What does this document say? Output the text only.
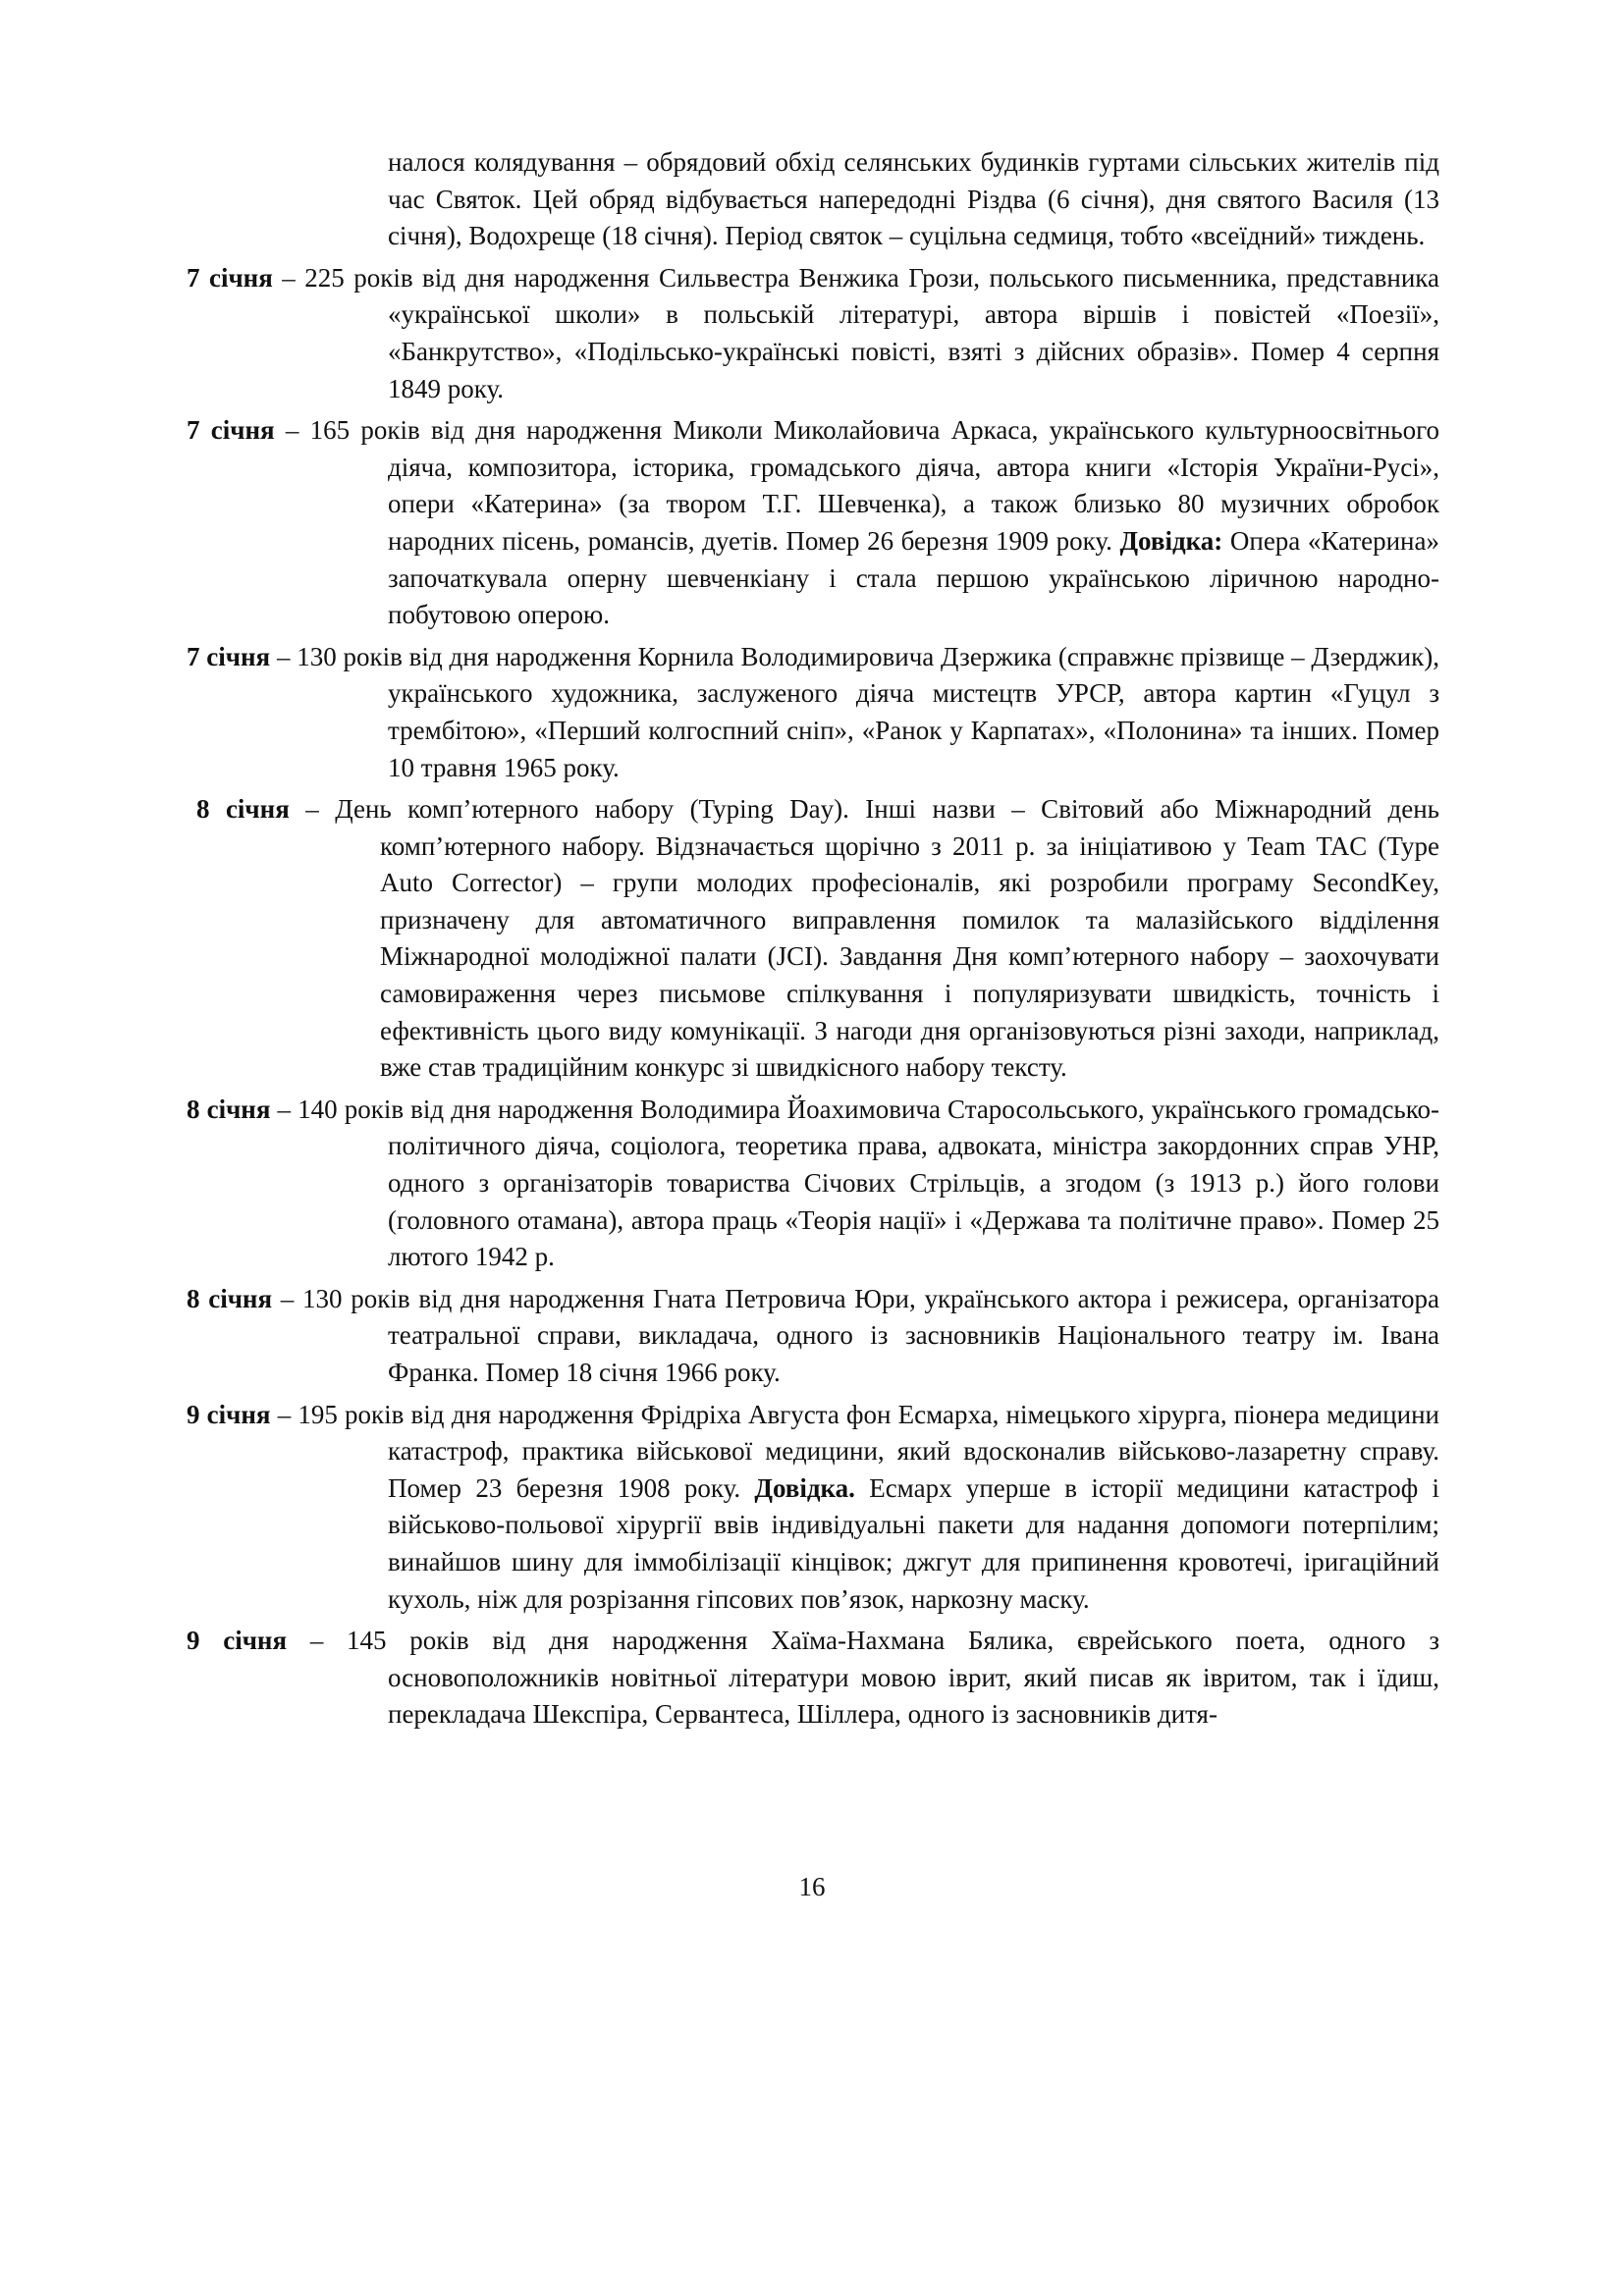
налося колядування – обрядовий обхід селянських будинків гуртами сільських жителів під час Святок. Цей обряд відбувається напередодні Різдва (6 січня), дня святого Василя (13 січня), Водохреще (18 січня). Період святок – суцільна седмиця, тобто «всеїдний» тиждень.

7 січня – 225 років від дня народження Сильвестра Венжика Грози, польського письменника, представника «української школи» в польській літературі, автора віршів і повістей «Поезії», «Банкрутство», «Подільсько-українські повісті, взяті з дійсних образів». Помер 4 серпня 1849 року.

7 січня – 165 років від дня народження Миколи Миколайовича Аркаса, українського культурноосвітнього діяча, композитора, історика, громадського діяча, автора книги «Історія України-Русі», опери «Катерина» (за твором Т.Г. Шевченка), а також близько 80 музичних обробок народних пісень, романсів, дуетів. Помер 26 березня 1909 року. Довідка: Опера «Катерина» започаткувала оперну шевченкіану і стала першою українською ліричною народно-побутовою оперою.

7 січня – 130 років від дня народження Корнила Володимировича Дзержика (справжнє прізвище – Дзерджик), українського художника, заслуженого діяча мистецтв УРСР, автора картин «Гуцул з трембітою», «Перший колгоспний сніп», «Ранок у Карпатах», «Полонина» та інших. Помер 10 травня 1965 року.

8 січня – День комп’ютерного набору (Typing Day). Інші назви – Світовий або Міжнародний день комп’ютерного набору. Відзначається щорічно з 2011 р. за ініціативою у Team TAC (Type Auto Corrector) – групи молодих професіоналів, які розробили програму SecondKey, призначену для автоматичного виправлення помилок та малазійського відділення Міжнародної молодіжної палати (JCI). Завдання Дня комп’ютерного набору – заохочувати самовираження через письмове спілкування і популяризувати швидкість, точність і ефективність цього виду комунікації. З нагоди дня організовуються різні заходи, наприклад, вже став традиційним конкурс зі швидкісного набору тексту.

8 січня – 140 років від дня народження Володимира Йоахимовича Старосольського, українського громадсько-політичного діяча, соціолога, теоретика права, адвоката, міністра закордонних справ УНР, одного з організаторів товариства Січових Стрільців, а згодом (з 1913 р.) його голови (головного отамана), автора праць «Теорія нації» і «Держава та політичне право». Помер 25 лютого 1942 р.

8 січня – 130 років від дня народження Гната Петровича Юри, українського актора і режисера, організатора театральної справи, викладача, одного із засновників Національного театру ім. Івана Франка. Помер 18 січня 1966 року.

9 січня – 195 років від дня народження Фрідріха Августа фон Есмарха, німецького хірурга, піонера медицини катастроф, практика військової медицини, який вдосконалив військово-лазаретну справу. Помер 23 березня 1908 року. Довідка. Есмарх уперше в історії медицини катастроф і військово-польової хірургії ввів індивідуальні пакети для надання допомоги потерпілим; винайшов шину для іммобілізації кінцівок; джгут для припинення кровотечі, іригаційний кухоль, ніж для розрізання гіпсових пов’язок, наркозну маску.

9 січня – 145 років від дня народження Хаїма-Нахмана Бялика, єврейського поета, одного з основоположників новітньої літератури мовою іврит, який писав як івритом, так і їдиш, перекладача Шекспіра, Сервантеса, Шіллера, одного із засновників дитя-

16
